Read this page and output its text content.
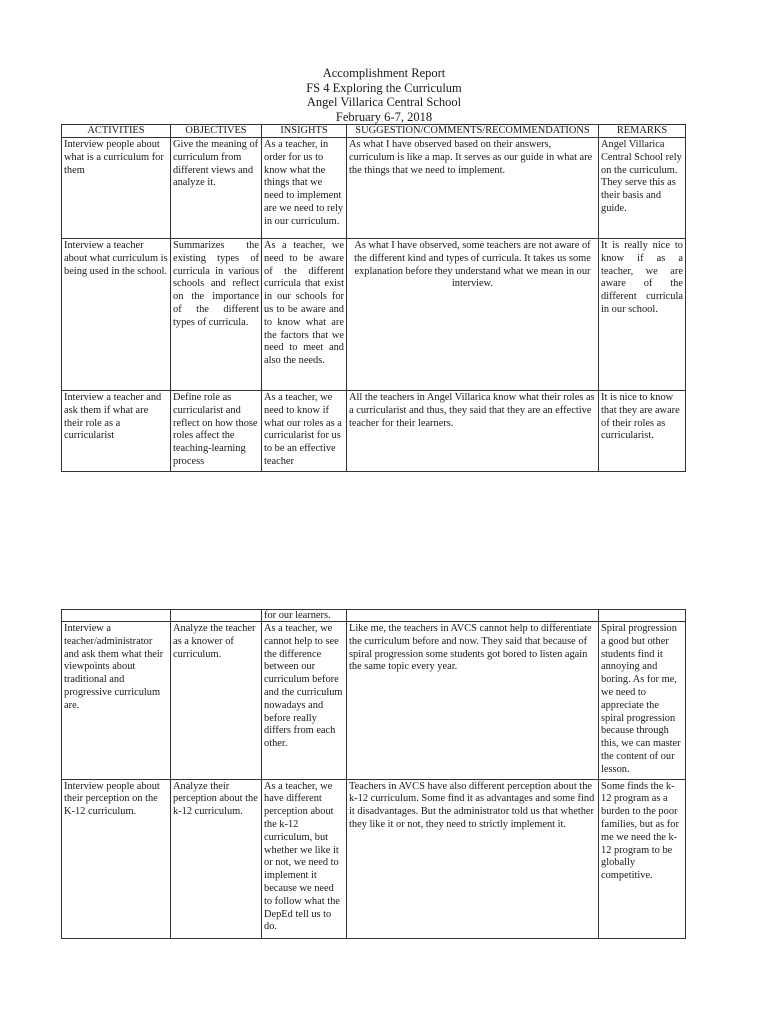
Accomplishment Report
FS 4 Exploring the Curriculum
Angel Villarica Central School
February 6-7, 2018
ACTIVITIES	OBJECTIVES	INSIGHTS	SUGGESTION/COMMENTS/RECOMMENDATIONS	REMARKS
Interview people about what is a curriculum for them	Give the meaning of curriculum from different views and analyze it.	As a teacher, in order for us to know what the things that we need to implement are we need to rely in our curriculum.	As what I have observed based on their answers, curriculum is like a map. It serves as our guide in what are the things that we need to implement.	Angel Villarica Central School rely on the curriculum. They serve this as their basis and guide.
Interview a teacher about what curriculum is being used in the school.	Summarizes the existing types of curricula in various schools and reflect on the importance of the different types of curricula.	As a teacher, we need to be aware of the different curricula that exist in our schools for us to be aware and to know what are the factors that we need to meet and also the needs.	As what I have observed, some teachers are not aware of the different kind and types of curricula. It takes us some explanation before they understand what we mean in our interview.	It is really nice to know if as a teacher, we are aware of the different curricula in our school.
Interview a teacher and ask them if what are their role as a curricularist	Define role as curricularist and reflect on how those roles affect the teaching-learning process	As a teacher, we need to know if what our roles as a curricularist for us to be an effective teacher	All the teachers in Angel Villarica know what their roles as a curricularist and thus, they said that they are an effective teacher for their learners.	It is nice to know that they are aware of their roles as curricularist.
		for our learners.		
Interview a teacher/administrator and ask them what their viewpoints about traditional and progressive curriculum are.	Analyze the teacher as a knower of curriculum.	As a teacher, we cannot help to see the difference between our curriculum before and the curriculum nowadays and before really differs from each other.	Like me, the teachers in AVCS cannot help to differentiate the curriculum before and now. They said that because of spiral progression some students got bored to listen again the same topic every year.	Spiral progression a good but other students find it annoying and boring. As for me, we need to appreciate the spiral progression because through this, we can master the content of our lesson.
Interview people about their perception on the K-12 curriculum.	Analyze their perception about the k-12 curriculum.	As a teacher, we have different perception about the k-12 curriculum, but whether we like it or not, we need to implement it because we need to follow what the DepEd tell us to do.	Teachers in AVCS have also different perception about the k-12 curriculum. Some find it as advantages and some find it disadvantages. But the administrator told us that whether they like it or not, they need to strictly implement it.	Some finds the k-12 program as a burden to the poor families, but as for me we need the k-12 program to be globally competitive.
